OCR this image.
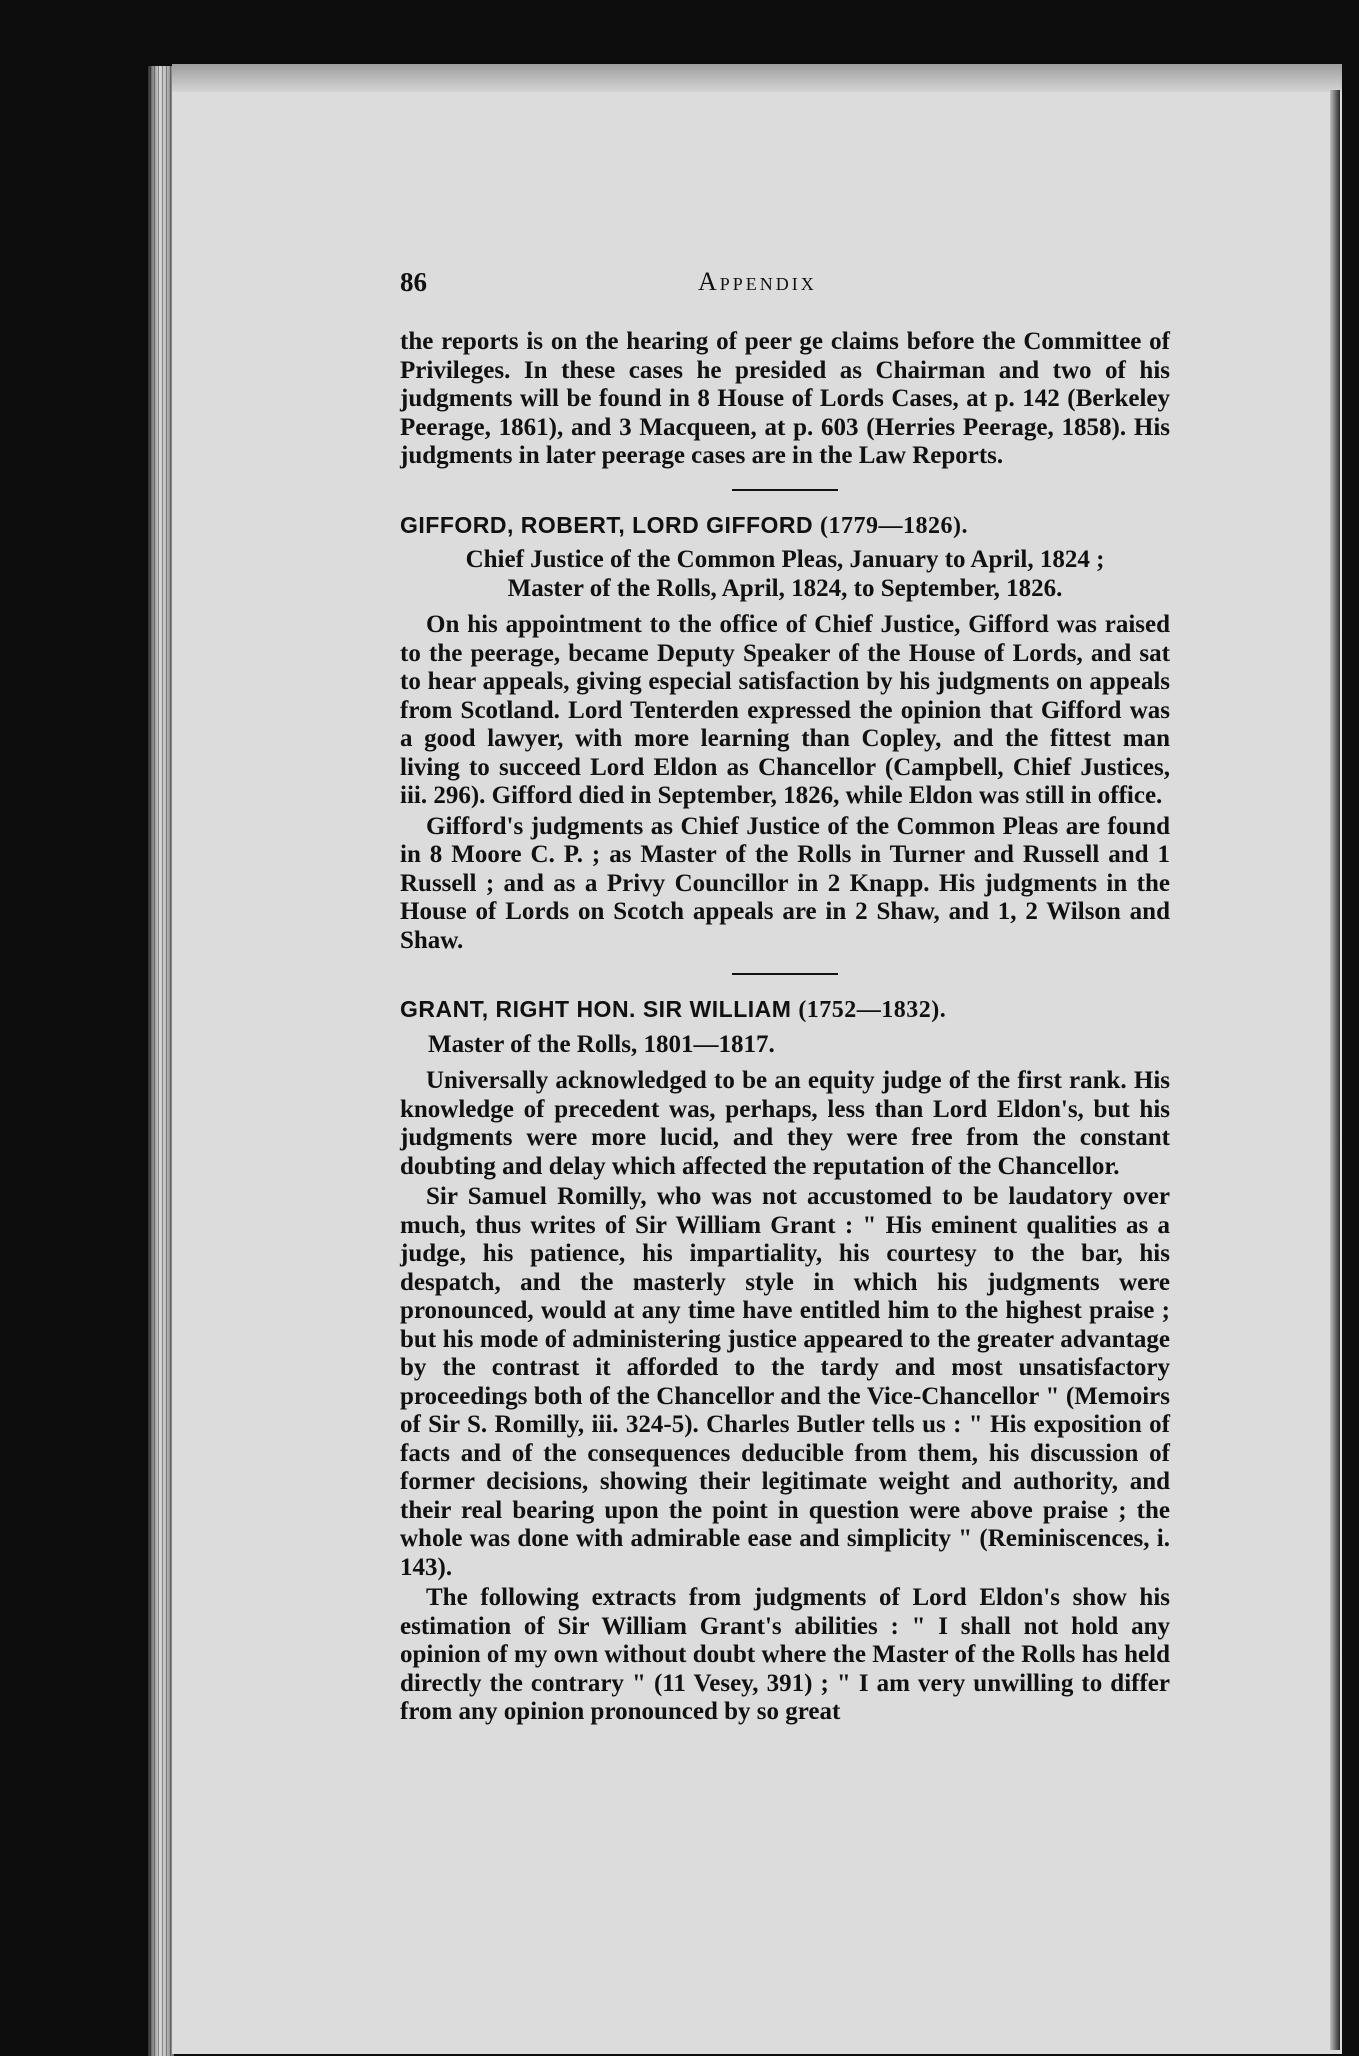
86	Appendix

the reports is on the hearing of peer ge claims before the Committee of Privileges. In these cases he presided as Chairman and two of his judgments will be found in 8 House of Lords Cases, at p. 142 (Berkeley Peerage, 1861), and 3 Macqueen, at p. 603 (Herries Peerage, 1858). His judgments in later peerage cases are in the Law Reports.

GIFFORD, ROBERT, LORD GIFFORD (1779—1826).
Chief Justice of the Common Pleas, January to April, 1824 ;
Master of the Rolls, April, 1824, to September, 1826.

On his appointment to the office of Chief Justice, Gifford was raised to the peerage, became Deputy Speaker of the House of Lords, and sat to hear appeals, giving especial satisfaction by his judgments on appeals from Scotland. Lord Tenterden expressed the opinion that Gifford was a good lawyer, with more learning than Copley, and the fittest man living to succeed Lord Eldon as Chancellor (Campbell, Chief Justices, iii. 296). Gifford died in September, 1826, while Eldon was still in office.

Gifford's judgments as Chief Justice of the Common Pleas are found in 8 Moore C. P. ; as Master of the Rolls in Turner and Russell and 1 Russell ; and as a Privy Councillor in 2 Knapp. His judgments in the House of Lords on Scotch appeals are in 2 Shaw, and 1, 2 Wilson and Shaw.

GRANT, RIGHT HON. SIR WILLIAM (1752—1832).
Master of the Rolls, 1801—1817.

Universally acknowledged to be an equity judge of the first rank. His knowledge of precedent was, perhaps, less than Lord Eldon's, but his judgments were more lucid, and they were free from the constant doubting and delay which affected the reputation of the Chancellor.

Sir Samuel Romilly, who was not accustomed to be laudatory over much, thus writes of Sir William Grant : " His eminent qualities as a judge, his patience, his impartiality, his courtesy to the bar, his despatch, and the masterly style in which his judgments were pronounced, would at any time have entitled him to the highest praise ; but his mode of administering justice appeared to the greater advantage by the contrast it afforded to the tardy and most unsatisfactory proceedings both of the Chancellor and the Vice-Chancellor " (Memoirs of Sir S. Romilly, iii. 324-5). Charles Butler tells us : " His exposition of facts and of the consequences deducible from them, his discussion of former decisions, showing their legitimate weight and authority, and their real bearing upon the point in question were above praise ; the whole was done with admirable ease and simplicity " (Reminiscences, i. 143).

The following extracts from judgments of Lord Eldon's show his estimation of Sir William Grant's abilities : " I shall not hold any opinion of my own without doubt where the Master of the Rolls has held directly the contrary " (11 Vesey, 391) ; " I am very unwilling to differ from any opinion pronounced by so great
